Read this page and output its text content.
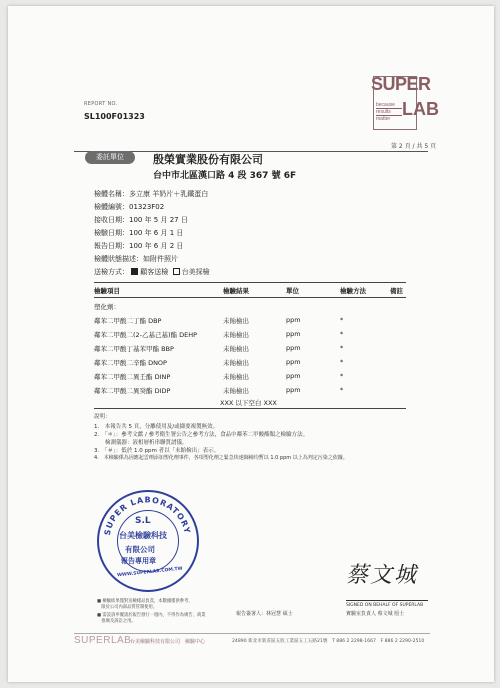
REPORT NO.
SL100F01323
SUPER
LAB
because
results
matter
第 2 頁 / 共 5 頁
委託單位	殷榮實業股份有限公司
台中市北區漢口路 4 段 367 號 6F
檢體名稱：多立康 羊奶片＋乳鐵蛋白
檢體編號：01323F02
接收日期：100 年 5 月 27 日
檢驗日期：100 年 6 月 1 日
報告日期：100 年 6 月 2 日
檢體狀態描述：如附件照片
送檢方式： 顧客送檢 台美採檢
檢驗項目	檢驗結果	單位	檢驗方法	備註
塑化劑：
鄰苯二甲酸二丁酯 DBP	未飴檢出	ppm	*
鄰苯二甲酸二(2-乙基己基)酯 DEHP	未飴檢出	ppm	*
鄰苯二甲酸丁基苯甲酯 BBP	未飴檢出	ppm	*
鄰苯二甲酸二辛酯 DNOP	未飴檢出	ppm	*
鄰苯二甲酸二異壬酯 DINP	未飴檢出	ppm	*
鄰苯二甲酸二異癸酯 DIDP	未飴檢出	ppm	*
XXX 以下空白 XXX
說明：
1.　本報告共 5 頁，分離使用及/或擷要複製無效。
2.　「＊」：參考文獻 / 參考衛生署公告之參考方法，食品中鄰苯二甲酸酯類之檢驗方法。
　　檢測儀器：液相層析串聯質譜儀。
3.　「＃」：低於 1.0 ppm 者以「未飴檢出」表示。
4.　本檢驗係為因應起雲劑添加塑化劑事件，各項塑化劑之緊急快速篩檢均暫以 1.0 ppm 以上為判定污染之依據。
SUPER LABORATORY
S.L
台美檢驗科技
有限公司
報告專用章
WWW.SUPERLAB.COM.TW	蔡文城
SIGNED ON BEHALF OF SUPERLAB
實驗室負責人 蔡文城 厘士
報告簽署人：林冠慧 碩士
■ 檢驗結果僅對送檢樣品負責，本數據僅供參考，
　限於公司內部品質管制使用。
■ 需設訴申覆請於報告發行一週內，不得作為廣告、商業
　推廣及訴訟之用。
SUPERLAB
台美檢驗科技有限公司　檢驗中心	24890 新北市新莊區五股工業區五工五路21號　T 886 2 2298-1667　F 886 2 2290-2510
